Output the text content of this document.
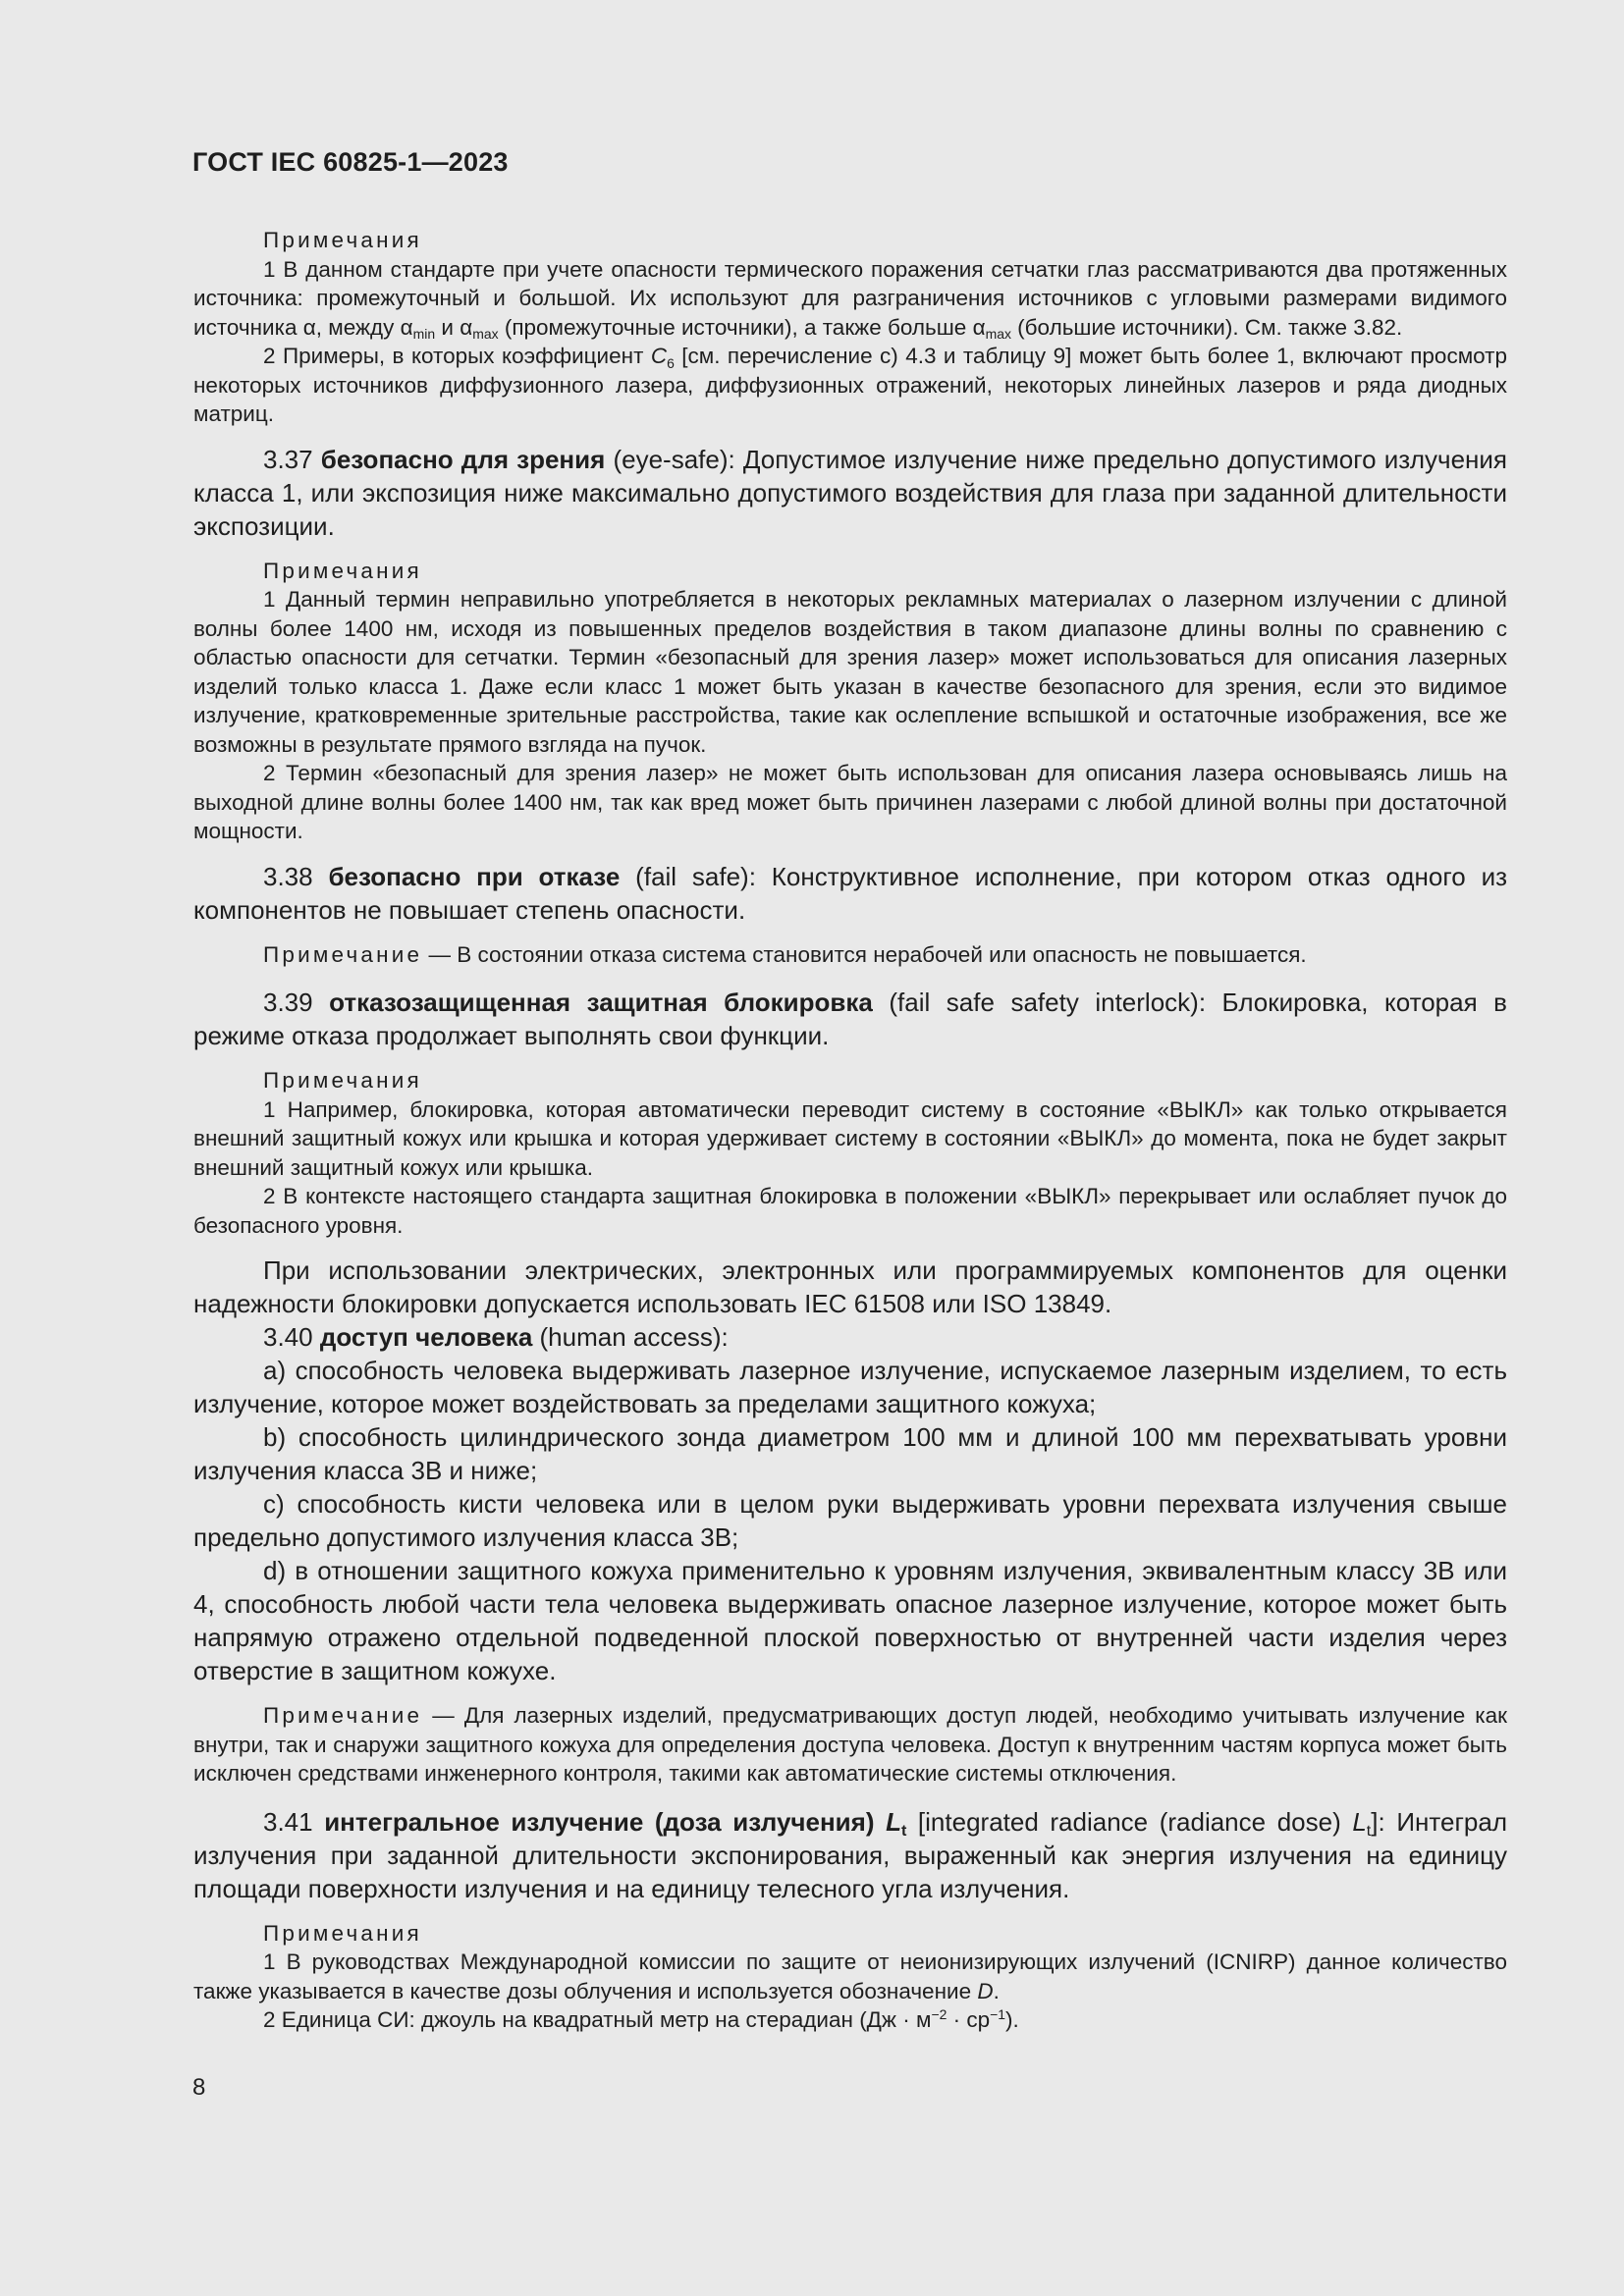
ГОСТ IEC 60825-1—2023
Примечания

1 В данном стандарте при учете опасности термического поражения сетчатки глаз рассматриваются два протяженных источника: промежуточный и большой. Их используют для разграничения источников с угловыми размерами видимого источника α, между $\alpha_{min}$ и $\alpha_{max}$ (промежуточные источники), а также больше $\alpha_{max}$ (большие источники). См. также 3.82.

2 Примеры, в которых коэффициент $C_6$ [см. перечисление с) 4.3 и таблицу 9] может быть более 1, включают просмотр некоторых источников диффузионного лазера, диффузионных отражений, некоторых линейных лазеров и ряда диодных матриц.

3.37 безопасно для зрения (eye-safe): Допустимое излучение ниже предельно допустимого излучения класса 1, или экспозиция ниже максимально допустимого воздействия для глаза при заданной длительности экспозиции.

Примечания

1 Данный термин неправильно употребляется в некоторых рекламных материалах о лазерном излучении с длиной волны более 1400 нм, исходя из повышенных пределов воздействия в таком диапазоне длины волны по сравнению с областью опасности для сетчатки. Термин «безопасный для зрения лазер» может использоваться для описания лазерных изделий только класса 1. Даже если класс 1 может быть указан в качестве безопасного для зрения, если это видимое излучение, кратковременные зрительные расстройства, такие как ослепление вспышкой и остаточные изображения, все же возможны в результате прямого взгляда на пучок.

2 Термин «безопасный для зрения лазер» не может быть использован для описания лазера основываясь лишь на выходной длине волны более 1400 нм, так как вред может быть причинен лазерами с любой длиной волны при достаточной мощности.

3.38 безопасно при отказе (fail safe): Конструктивное исполнение, при котором отказ одного из компонентов не повышает степень опасности.

Примечание — В состоянии отказа система становится нерабочей или опасность не повышается.

3.39 отказозащищенная защитная блокировка (fail safe safety interlock): Блокировка, которая в режиме отказа продолжает выполнять свои функции.

Примечания

1 Например, блокировка, которая автоматически переводит систему в состояние «ВЫКЛ» как только открывается внешний защитный кожух или крышка и которая удерживает систему в состоянии «ВЫКЛ» до момента, пока не будет закрыт внешний защитный кожух или крышка.

2 В контексте настоящего стандарта защитная блокировка в положении «ВЫКЛ» перекрывает или ослабляет пучок до безопасного уровня.

При использовании электрических, электронных или программируемых компонентов для оценки надежности блокировки допускается использовать IEC 61508 или ISO 13849.

3.40 доступ человека (human access):

a) способность человека выдерживать лазерное излучение, испускаемое лазерным изделием, то есть излучение, которое может воздействовать за пределами защитного кожуха;

b) способность цилиндрического зонда диаметром 100 мм и длиной 100 мм перехватывать уровни излучения класса 3B и ниже;

c) способность кисти человека или в целом руки выдерживать уровни перехвата излучения свыше предельно допустимого излучения класса 3B;

d) в отношении защитного кожуха применительно к уровням излучения, эквивалентным классу 3B или 4, способность любой части тела человека выдерживать опасное лазерное излучение, которое может быть напрямую отражено отдельной подведенной плоской поверхностью от внутренней части изделия через отверстие в защитном кожухе.

Примечание — Для лазерных изделий, предусматривающих доступ людей, необходимо учитывать излучение как внутри, так и снаружи защитного кожуха для определения доступа человека. Доступ к внутренним частям корпуса может быть исключен средствами инженерного контроля, такими как автоматические системы отключения.

3.41 интегральное излучение (доза излучения) $L_t$ [integrated radiance (radiance dose) $L_t$]: Интеграл излучения при заданной длительности экспонирования, выраженный как энергия излучения на единицу площади поверхности излучения и на единицу телесного угла излучения.

Примечания

1 В руководствах Международной комиссии по защите от неионизирующих излучений (ICNIRP) данное количество также указывается в качестве дозы облучения и используется обозначение D.

2 Единица СИ: джоуль на квадратный метр на стерадиан $(Дж \cdot м^{-2} \cdot ср^{-1})$.

8
